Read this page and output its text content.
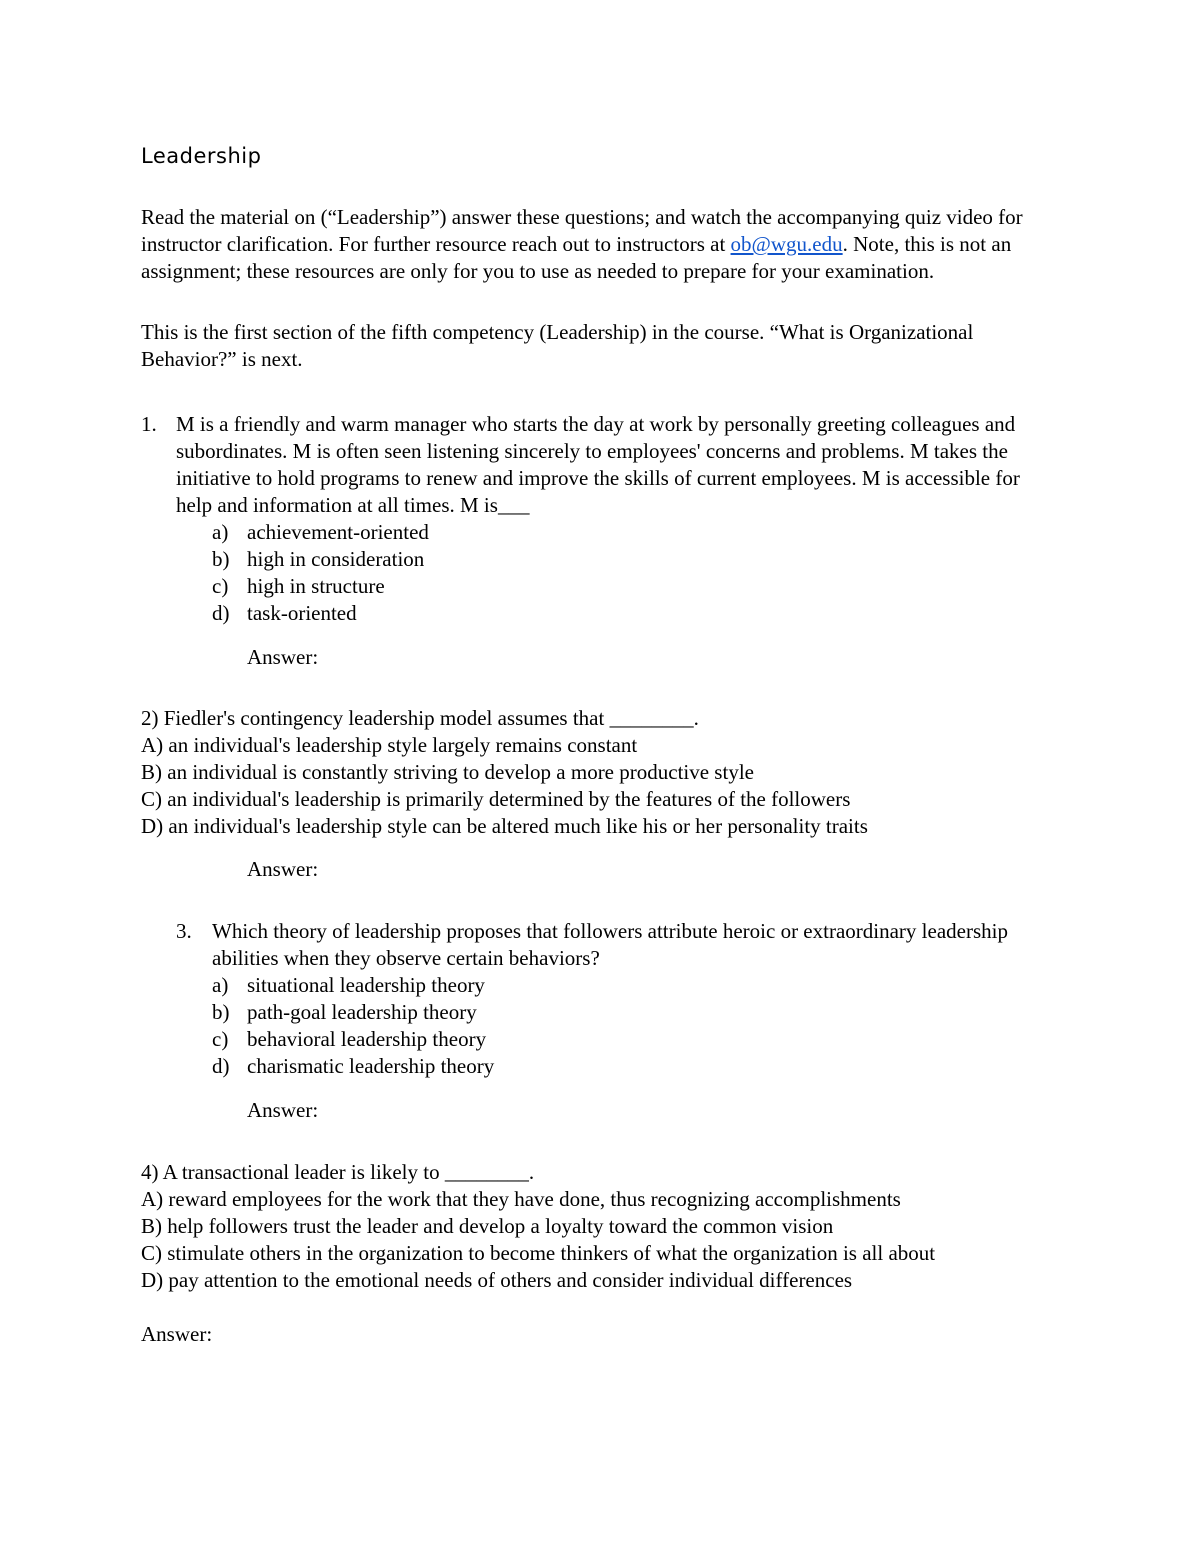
Leadership

Read the material on (“Leadership”) answer these questions; and watch the accompanying quiz video for instructor clarification. For further resource reach out to instructors at ob@wgu.edu. Note, this is not an assignment; these resources are only for you to use as needed to prepare for your examination.

This is the first section of the fifth competency (Leadership) in the course. “What is Organizational Behavior?” is next.

1. M is a friendly and warm manager who starts the day at work by personally greeting colleagues and subordinates. M is often seen listening sincerely to employees' concerns and problems. M takes the initiative to hold programs to renew and improve the skills of current employees. M is accessible for help and information at all times. M is___

a) achievement-oriented
b) high in consideration
c) high in structure
d) task-oriented
Answer:
2) Fiedler's contingency leadership model assumes that ________.
A) an individual's leadership style largely remains constant
B) an individual is constantly striving to develop a more productive style
C) an individual's leadership is primarily determined by the features of the followers
D) an individual's leadership style can be altered much like his or her personality traits
Answer:
3. Which theory of leadership proposes that followers attribute heroic or extraordinary leadership abilities when they observe certain behaviors?

a) situational leadership theory
b) path-goal leadership theory
c) behavioral leadership theory
d) charismatic leadership theory
Answer:
4) A transactional leader is likely to ________.
A) reward employees for the work that they have done, thus recognizing accomplishments
B) help followers trust the leader and develop a loyalty toward the common vision
C) stimulate others in the organization to become thinkers of what the organization is all about
D) pay attention to the emotional needs of others and consider individual differences
Answer:
